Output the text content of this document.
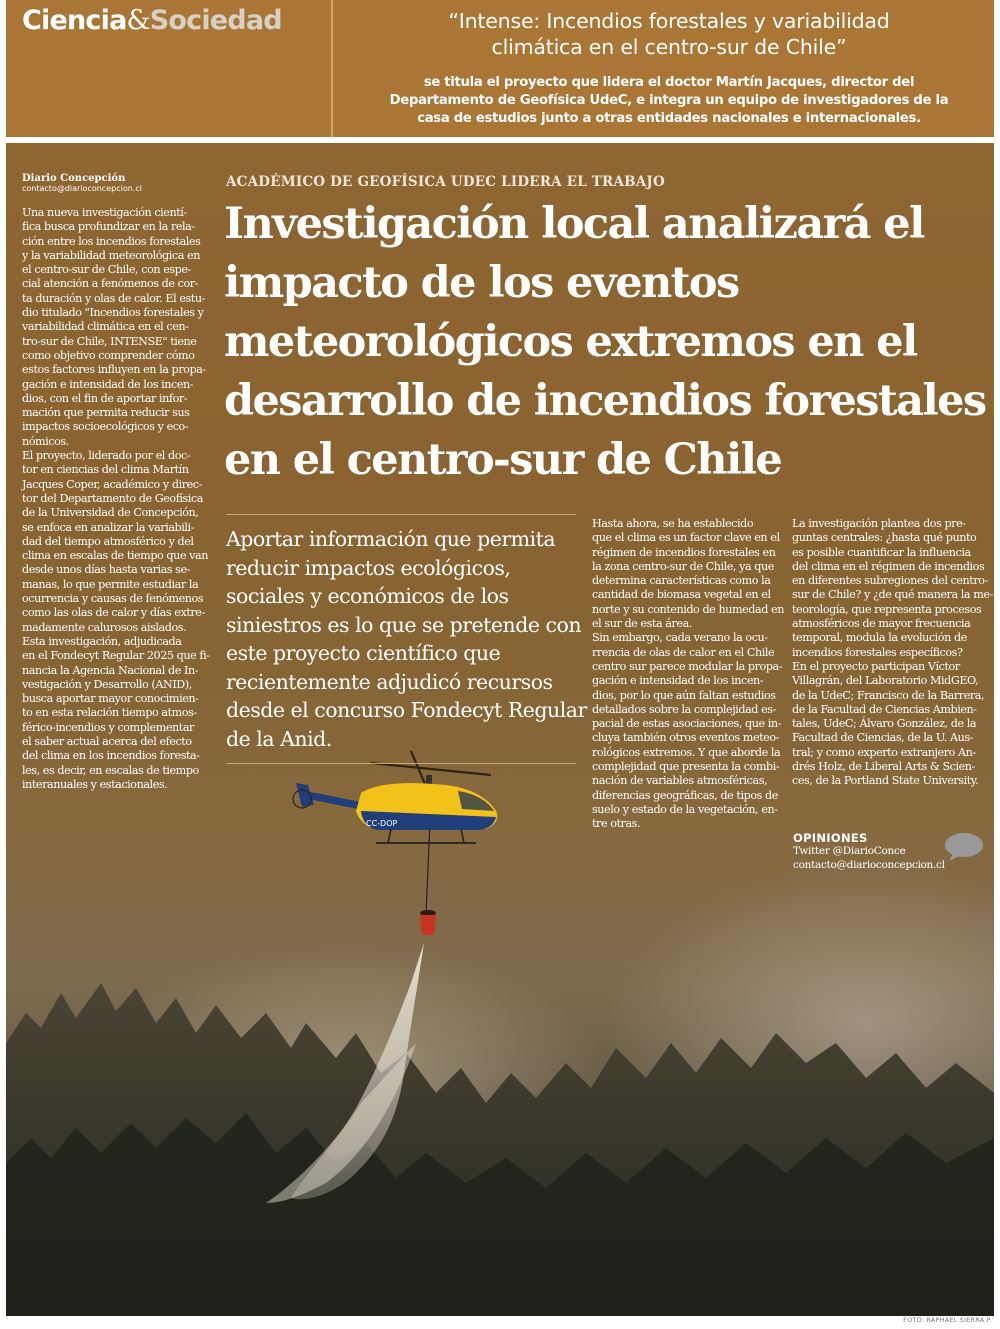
Ciencia&Sociedad	“Intense: Incendios forestales y variabilidad
climática en el centro-sur de Chile”
se titula el proyecto que lidera el doctor Martín Jacques, director del
Departamento de Geofísica UdeC, e integra un equipo de investigadores de la
casa de estudios junto a otras entidades nacionales e internacionales.
CC-DOP
Diario Concepción
contacto@diarioconcepcion.cl	ACADÉMICO DE GEOFÍSICA UDEC LIDERA EL TRABAJO
Investigación local analizará el
impacto de los eventos
meteorológicos extremos en el
desarrollo de incendios forestales
en el centro-sur de Chile
Una nueva investigación cientí-
fica busca profundizar en la rela-
ción entre los incendios forestales
y la variabilidad meteorológica en
el centro-sur de Chile, con espe-
cial atención a fenómenos de cor-
ta duración y olas de calor. El estu-
dio titulado "Incendios forestales y
variabilidad climática en el cen-
tro-sur de Chile, INTENSE" tiene
como objetivo comprender cómo
estos factores influyen en la propa-
gación e intensidad de los incen-
dios, con el fin de aportar infor-
mación que permita reducir sus
impactos socioecológicos y eco-
nómicos.
El proyecto, liderado por el doc-
tor en ciencias del clima Martín
Jacques Coper, académico y direc-
tor del Departamento de Geofísica
de la Universidad de Concepción,
se enfoca en analizar la variabili-
dad del tiempo atmosférico y del
clima en escalas de tiempo que van
desde unos días hasta varias se-
manas, lo que permite estudiar la
ocurrencia y causas de fenómenos
como las olas de calor y días extre-
madamente calurosos aislados.
Esta investigación, adjudicada
en el Fondecyt Regular 2025 que fi-
nancia la Agencia Nacional de In-
vestigación y Desarrollo (ANID),
busca aportar mayor conocimien-
to en esta relación tiempo atmos-
férico-incendios y complementar
el saber actual acerca del efecto
del clima en los incendios foresta-
les, es decir, en escalas de tiempo
interanuales y estacionales.
Aportar información que permita
reducir impactos ecológicos,
sociales y económicos de los
siniestros es lo que se pretende con
este proyecto científico que
recientemente adjudicó recursos
desde el concurso Fondecyt Regular
de la Anid.
Hasta ahora, se ha establecido
que el clima es un factor clave en el
régimen de incendios forestales en
la zona centro-sur de Chile, ya que
determina características como la
cantidad de biomasa vegetal en el
norte y su contenido de humedad en
el sur de esta área.
Sin embargo, cada verano la ocu-
rrencia de olas de calor en el Chile
centro sur parece modular la propa-
gación e intensidad de los incen-
dios, por lo que aún faltan estudios
detallados sobre la complejidad es-
pacial de estas asociaciones, que in-
cluya también otros eventos meteo-
rológicos extremos. Y que aborde la
complejidad que presenta la combi-
nación de variables atmosféricas,
diferencias geográficas, de tipos de
suelo y estado de la vegetación, en-
tre otras.
La investigación plantea dos pre-
guntas centrales: ¿hasta qué punto
es posible cuantificar la influencia
del clima en el régimen de incendios
en diferentes subregiones del centro-
sur de Chile? y ¿de qué manera la me-
teorología, que representa procesos
atmosféricos de mayor frecuencia
temporal, modula la evolución de
incendios forestales específicos?
En el proyecto participan Víctor
Villagrán, del Laboratorio MidGEO,
de la UdeC; Francisco de la Barrera,
de la Facultad de Ciencias Ambien-
tales, UdeC; Álvaro González, de la
Facultad de Ciencias, de la U. Aus-
tral; y como experto extranjero An-
drés Holz, de Liberal Arts & Scien-
ces, de la Portland State University.
OPINIONES
Twitter @DiarioConce
contacto@diarioconcepcion.cl
FOTO: RAPHAEL SIERRA P.
